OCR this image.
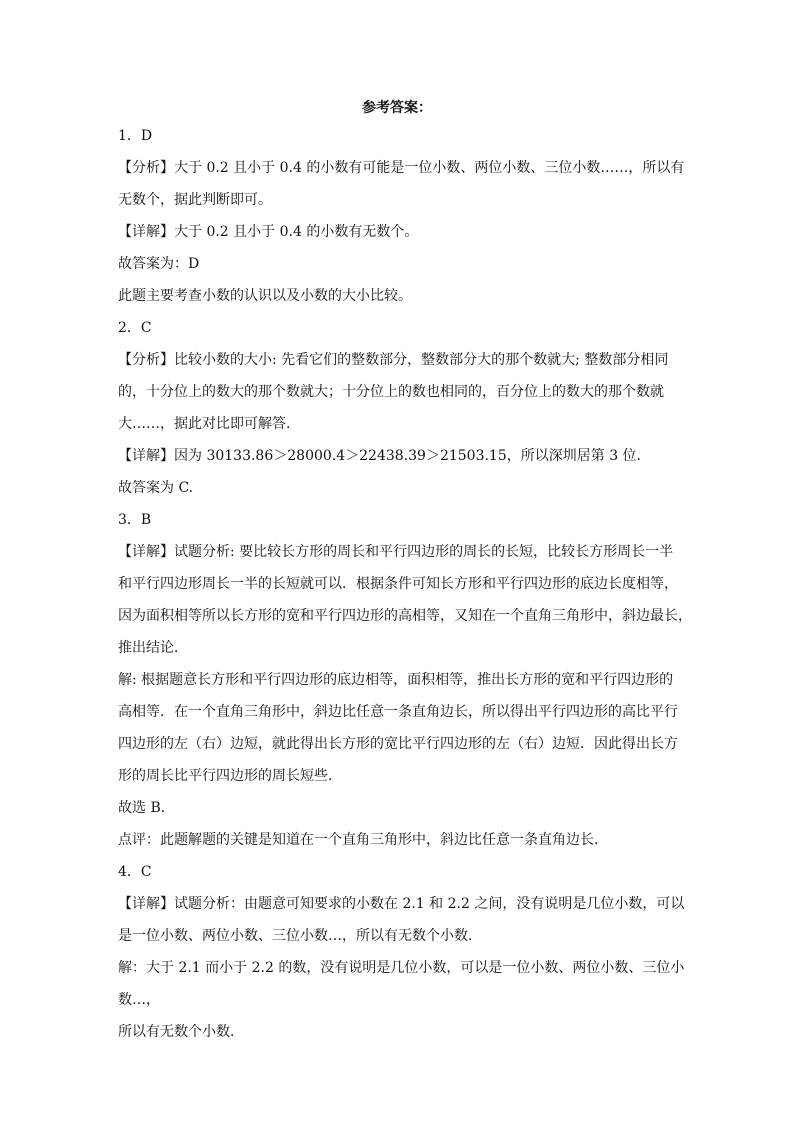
参考答案：
1．D
【分析】大于 0.2 且小于 0.4 的小数有可能是一位小数、两位小数、三位小数……，所以有
无数个，据此判断即可。
【详解】大于 0.2 且小于 0.4 的小数有无数个。
故答案为：D
此题主要考查小数的认识以及小数的大小比较。
2．C
【分析】比较小数的大小: 先看它们的整数部分，整数部分大的那个数就大; 整数部分相同
的，十分位上的数大的那个数就大；十分位上的数也相同的，百分位上的数大的那个数就
大……，据此对比即可解答.
【详解】因为 30133.86＞28000.4＞22438.39＞21503.15，所以深圳居第 3 位.
故答案为 C.
3．B
【详解】试题分析: 要比较长方形的周长和平行四边形的周长的长短，比较长方形周长一半
和平行四边形周长一半的长短就可以．根据条件可知长方形和平行四边形的底边长度相等，
因为面积相等所以长方形的宽和平行四边形的高相等，又知在一个直角三角形中，斜边最长，
推出结论．
解: 根据题意长方形和平行四边形的底边相等，面积相等，推出长方形的宽和平行四边形的
高相等．在一个直角三角形中，斜边比任意一条直角边长，所以得出平行四边形的高比平行
四边形的左（右）边短，就此得出长方形的宽比平行四边形的左（右）边短．因此得出长方
形的周长比平行四边形的周长短些．
故选 B．
点评：此题解题的关键是知道在一个直角三角形中，斜边比任意一条直角边长．
4．C
【详解】试题分析：由题意可知要求的小数在 2.1 和 2.2 之间，没有说明是几位小数，可以
是一位小数、两位小数、三位小数…，所以有无数个小数．
解：大于 2.1 而小于 2.2 的数，没有说明是几位小数，可以是一位小数、两位小数、三位小
数…，
所以有无数个小数．
